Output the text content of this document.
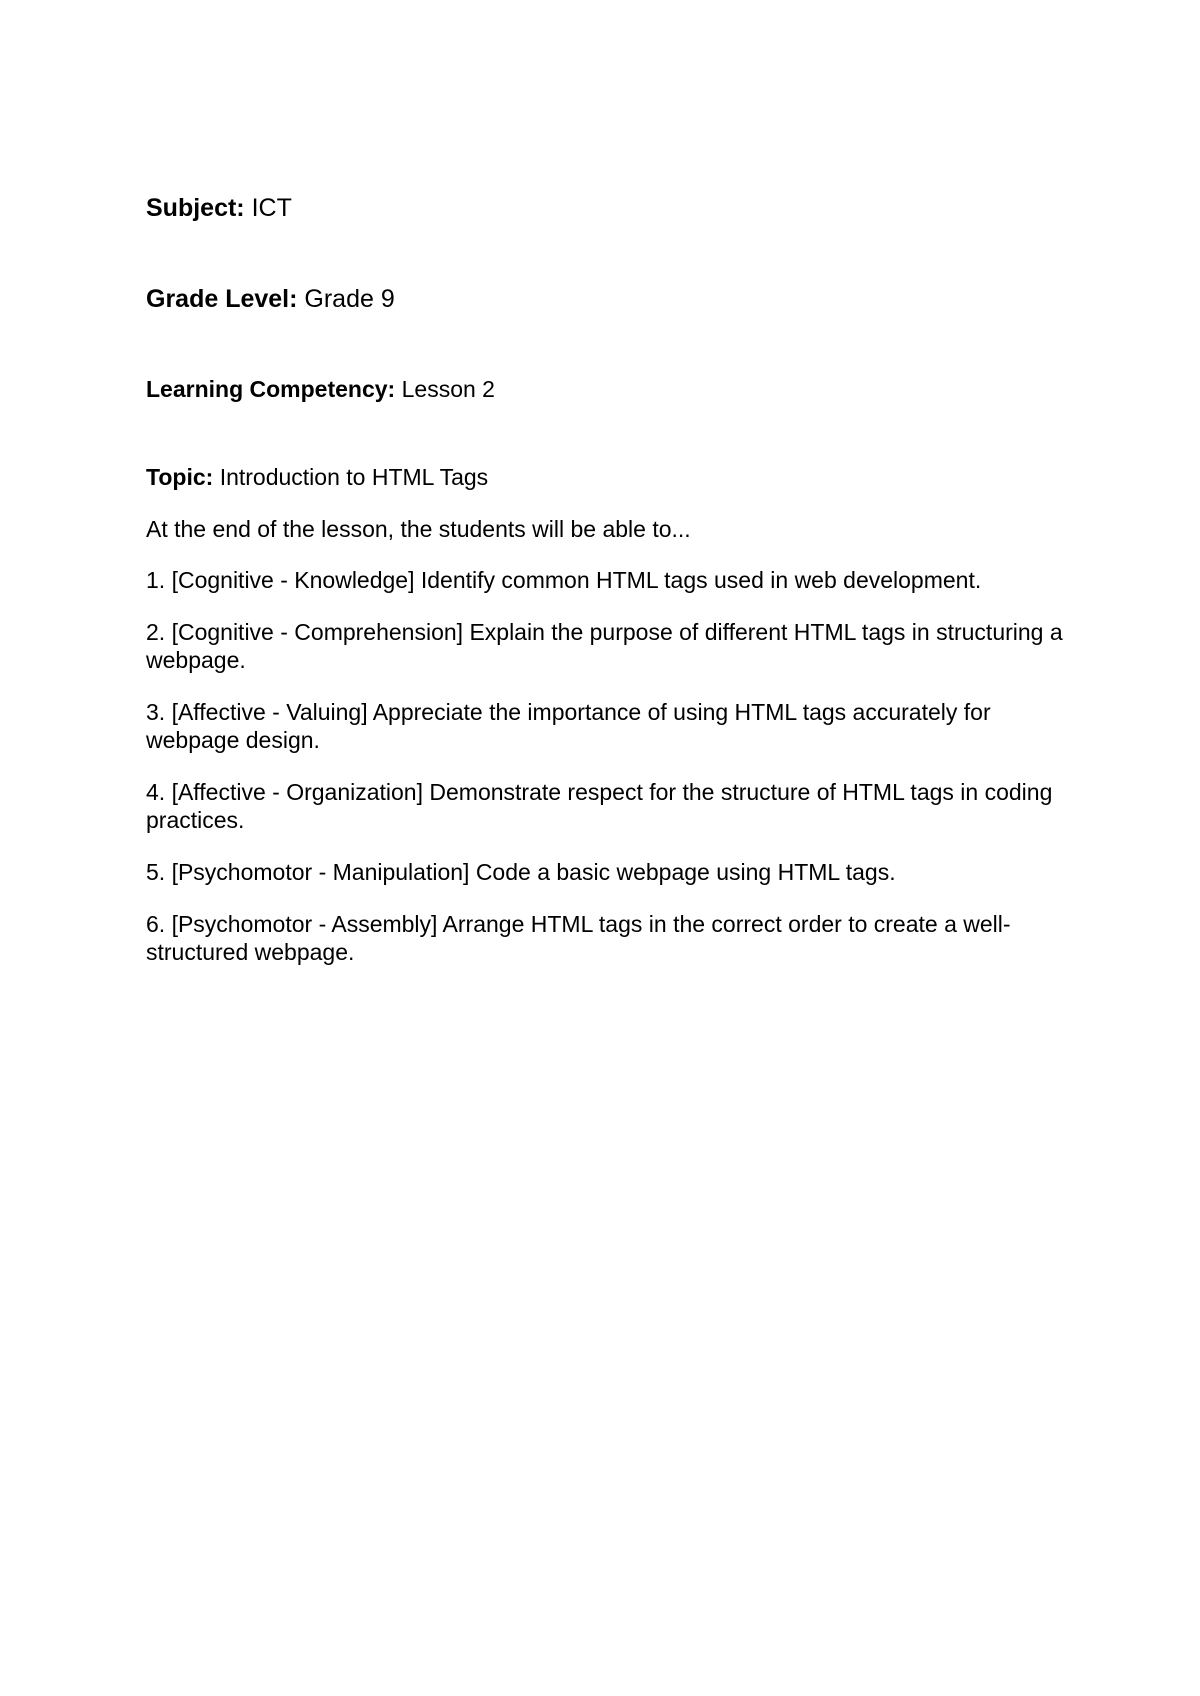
Subject: ICT
Grade Level: Grade 9
Learning Competency: Lesson 2
Topic: Introduction to HTML Tags
At the end of the lesson, the students will be able to...
1. [Cognitive - Knowledge] Identify common HTML tags used in web development.
2. [Cognitive - Comprehension] Explain the purpose of different HTML tags in structuring a webpage.
3. [Affective - Valuing] Appreciate the importance of using HTML tags accurately for webpage design.
4. [Affective - Organization] Demonstrate respect for the structure of HTML tags in coding practices.
5. [Psychomotor - Manipulation] Code a basic webpage using HTML tags.
6. [Psychomotor - Assembly] Arrange HTML tags in the correct order to create a well-structured webpage.
